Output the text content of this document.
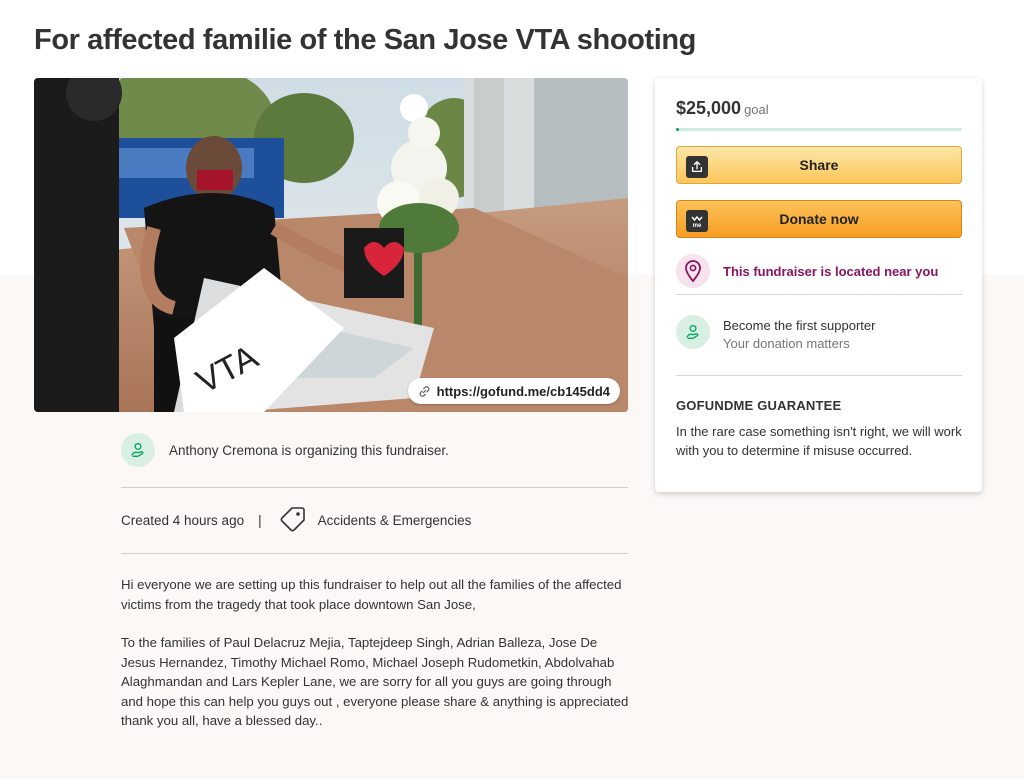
For affected familie of the San Jose VTA shooting
VTA	https://gofund.me/cb145dd4
Anthony Cremona is organizing this fundraiser.
Created 4 hours ago |	Accidents & Emergencies

Hi everyone we are setting up this fundraiser to help out all the families of the affected victims from the tragedy that took place downtown San Jose,

To the families of Paul Delacruz Mejia, Taptejdeep Singh, Adrian Balleza, Jose De Jesus Hernandez, Timothy Michael Romo, Michael Joseph Rudometkin, Abdolvahab Alaghmandan and Lars Kepler Lane, we are sorry for all you guys are going through and hope this can help you guys out , everyone please share & anything is appreciated thank you all, have a blessed day..

$25,000 goal
Share
me	Donate now
This fundraiser is located near you
Become the first supporter
Your donation matters
GOFUNDME GUARANTEE
In the rare case something isn't right, we will work with you to determine if misuse occurred.
